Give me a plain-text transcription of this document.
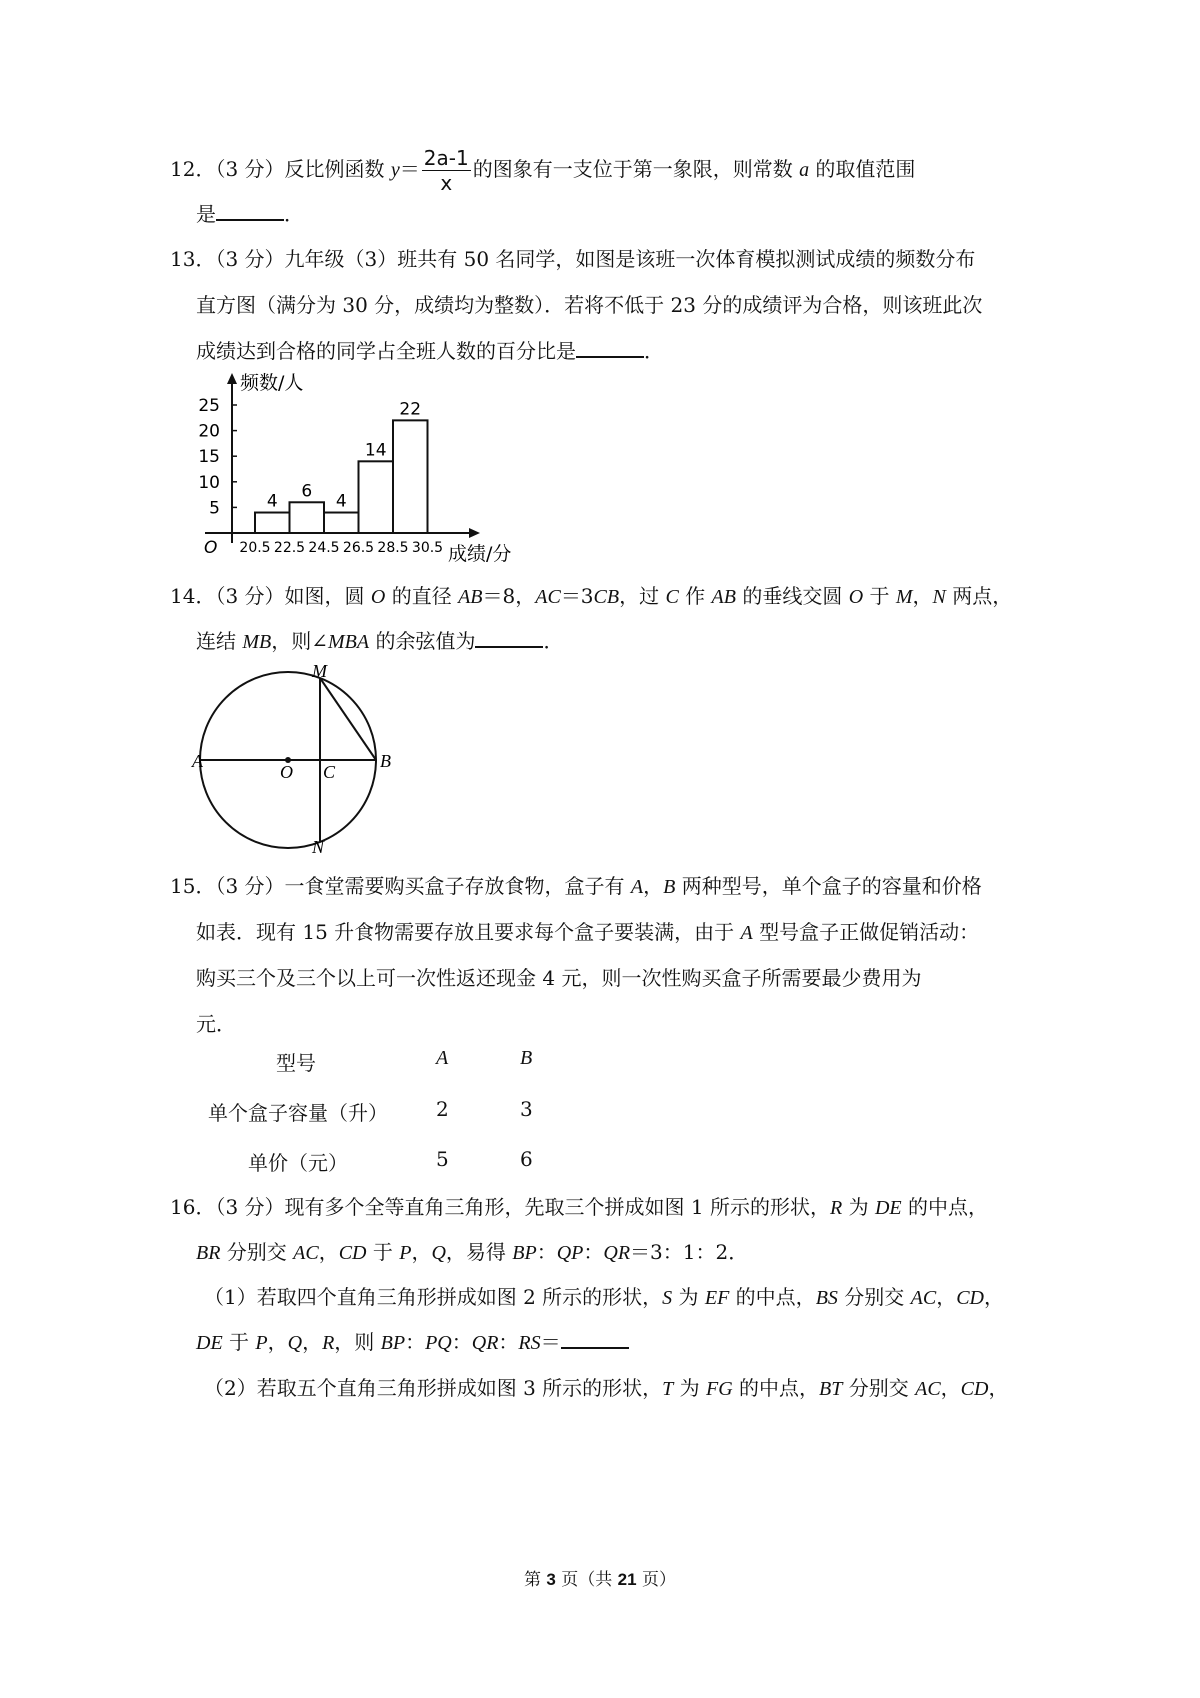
12．（3 分）反比例函数 $y= \frac{2a-1}{x}$ 的图象有一支位于第一象限，则常数 a 的取值范围
是	．
13．（3 分）九年级（3）班共有 50 名同学，如图是该班一次体育模拟测试成绩的频数分布
直方图（满分为 30 分，成绩均为整数）．若将不低于 23 分的成绩评为合格，则该班此次
成绩达到合格的同学占全班人数的百分比是	．
频数/人
成绩/分
O
5
10
15
20
25
4
6
4
14
22
20.5 22.5 24.5 26.5 28.5 30.5
14．（3 分）如图，圆 O 的直径 AB＝8，AC＝3CB，过 C 作 AB 的垂线交圆 O 于 M，N 两点，
连结 MB，则∠MBA 的余弦值为	．
M
A
O C
B
N
15．（3 分）一食堂需要购买盒子存放食物，盒子有 A，B 两种型号，单个盒子的容量和价格
如表．现有 15 升食物需要存放且要求每个盒子要装满，由于 A 型号盒子正做促销活动：
购买三个及三个以上可一次性返还现金 4 元，则一次性购买盒子所需要最少费用为
元．
型号	A	B
单个盒子容量（升） 2	3
单价（元）	5	6
16．（3 分）现有多个全等直角三角形，先取三个拼成如图 1 所示的形状，R 为 DE 的中点，
BR 分别交 AC，CD 于 P，Q，易得 BP：QP：QR＝3：1：2．
（1）若取四个直角三角形拼成如图 2 所示的形状，S 为 EF 的中点，BS 分别交 AC，CD，
DE 于 P，Q，R，则 BP：PQ：QR：RS＝
（2）若取五个直角三角形拼成如图 3 所示的形状，T 为 FG 的中点，BT 分别交 AC，CD，
第 3 页（共 21 页）
